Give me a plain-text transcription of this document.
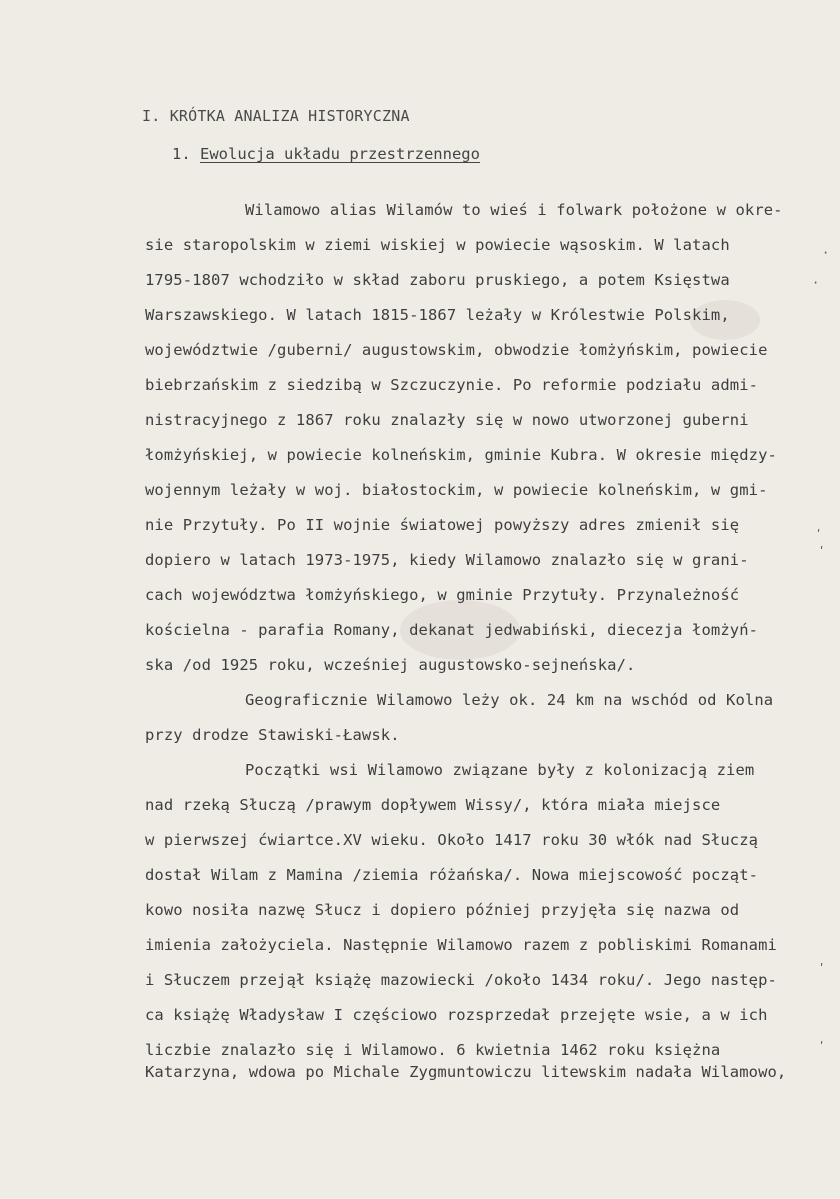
I. KRÓTKA ANALIZA HISTORYCZNA
1. Ewolucja układu przestrzennego
Wilamowo alias Wilamów to wieś i folwark położone w okre-
sie staropolskim w ziemi wiskiej w powiecie wąsoskim. W latach
1795-1807 wchodziło w skład zaboru pruskiego, a potem Księstwa
Warszawskiego. W latach 1815-1867 leżały w Królestwie Polskim,
województwie /guberni/ augustowskim, obwodzie łomżyńskim, powiecie
biebrzańskim z siedzibą w Szczuczynie. Po reformie podziału admi-
nistracyjnego z 1867 roku znalazły się w nowo utworzonej guberni
łomżyńskiej, w powiecie kolneńskim, gminie Kubra. W okresie między-
wojennym leżały w woj. białostockim, w powiecie kolneńskim, w gmi-
nie Przytuły. Po II wojnie światowej powyższy adres zmienił się
dopiero w latach 1973-1975, kiedy Wilamowo znalazło się w grani-
cach województwa łomżyńskiego, w gminie Przytuły. Przynależność
kościelna - parafia Romany, dekanat jedwabiński, diecezja łomżyń-
ska /od 1925 roku, wcześniej augustowsko-sejneńska/.
Geograficznie Wilamowo leży ok. 24 km na wschód od Kolna
przy drodze Stawiski-Ławsk.
Początki wsi Wilamowo związane były z kolonizacją ziem
nad rzeką Słuczą /prawym dopływem Wissy/, która miała miejsce
w pierwszej ćwiartce.XV wieku. Około 1417 roku 30 włók nad Słuczą
dostał Wilam z Mamina /ziemia różańska/. Nowa miejscowość począt-
kowo nosiła nazwę Słucz i dopiero później przyjęła się nazwa od
imienia założyciela. Następnie Wilamowo razem z pobliskimi Romanami
i Słuczem przejął książę mazowiecki /około 1434 roku/. Jego następ-
ca książę Władysław I częściowo rozsprzedał przejęte wsie, a w ich
liczbie znalazło się i Wilamowo. 6 kwietnia 1462 roku księżna
Katarzyna, wdowa po Michale Zygmuntowiczu litewskim nadała Wilamowo,
·
·
ʹ
ʹ
ʹ
ʹ
